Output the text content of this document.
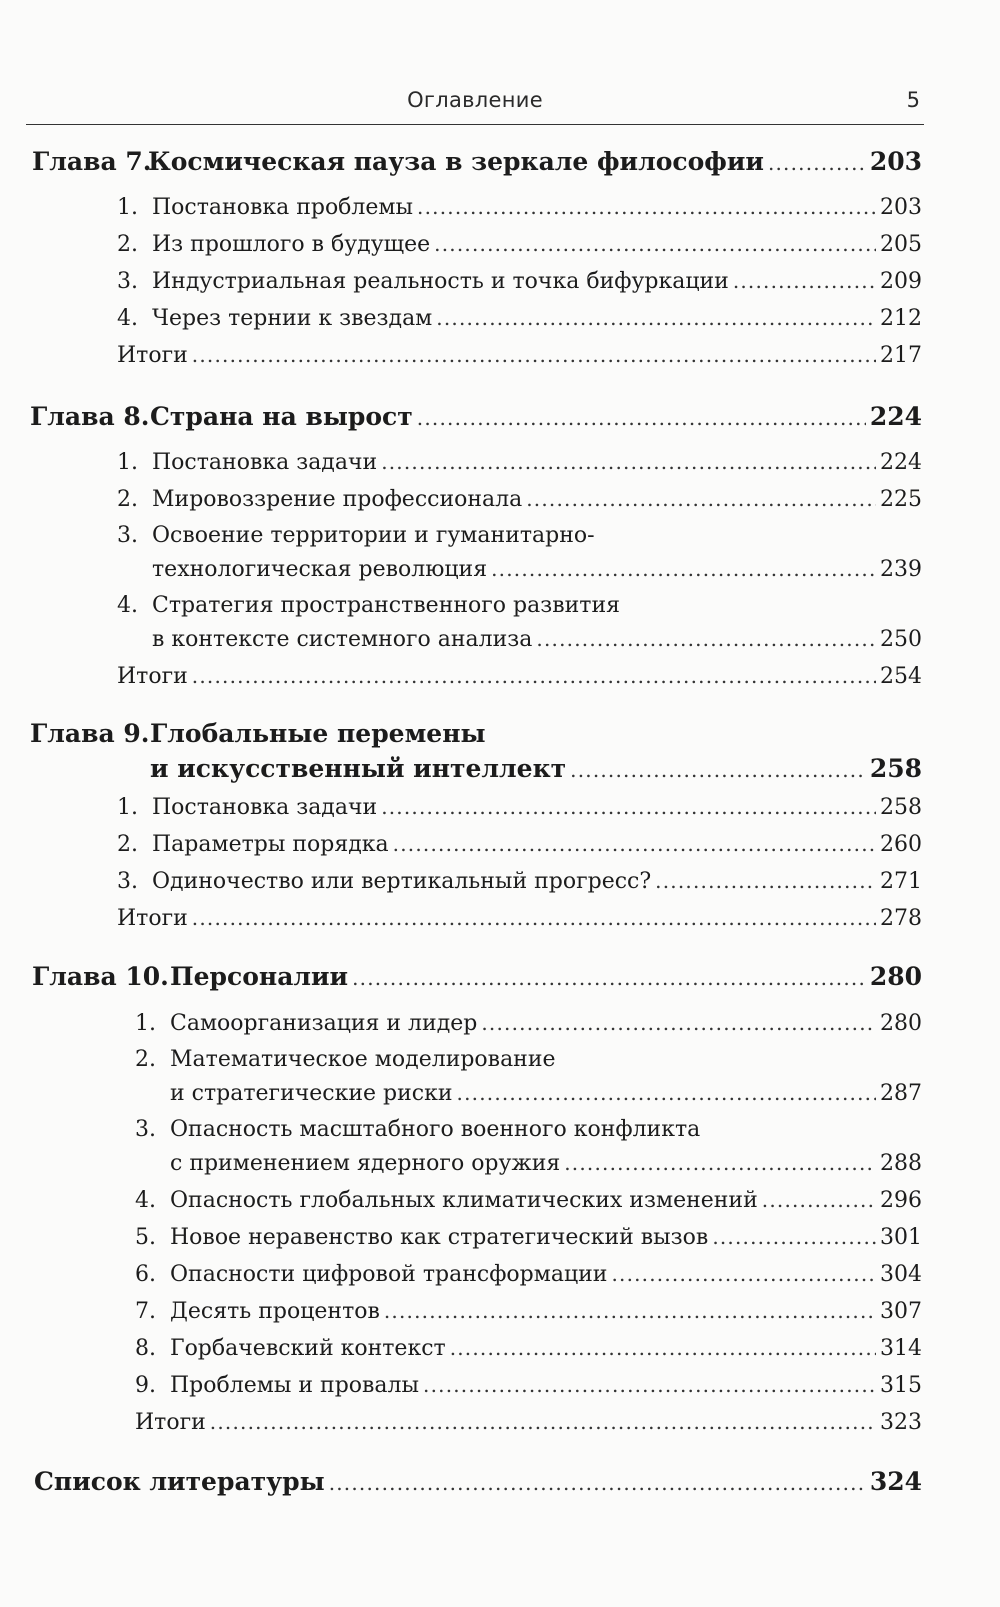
Оглавление	5
Глава 7.
Космическая пауза в зеркале философии .....	203
1. Постановка проблемы .....	203
2. Из прошлого в будущее .....	205
3. Индустриальная реальность и точка бифуркации .....	209
4. Через тернии к звездам .....	212
Итоги .....	217
Глава 8. Страна на вырост .....	224
1. Постановка задачи .....	224
2. Мировоззрение профессионала .....	225
3. Освоение территории и гуманитарно-
технологическая революция .....	239
4. Стратегия пространственного развития
в контексте системного анализа .....	250
Итоги .....	254
Глава 9.Глобальные перемены
и искусственный интеллект .....	258
1. Постановка задачи .....	258
2. Параметры порядка .....	260
3. Одиночество или вертикальный прогресс? .....	271
Итоги .....	278
Глава 10. Персоналии .....	280
1. Самоорганизация и лидер .....	280
2. Математическое моделирование
и стратегические риски .....	287
3. Опасность масштабного военного конфликта
с применением ядерного оружия .....	288
4. Опасность глобальных климатических изменений .....	296
5. Новое неравенство как стратегический вызов .....	301
6. Опасности цифровой трансформации .....	304
7. Десять процентов .....	307
8. Горбачевский контекст .....	314
9. Проблемы и провалы .....	315
Итоги .....	323
Список литературы .....	324
